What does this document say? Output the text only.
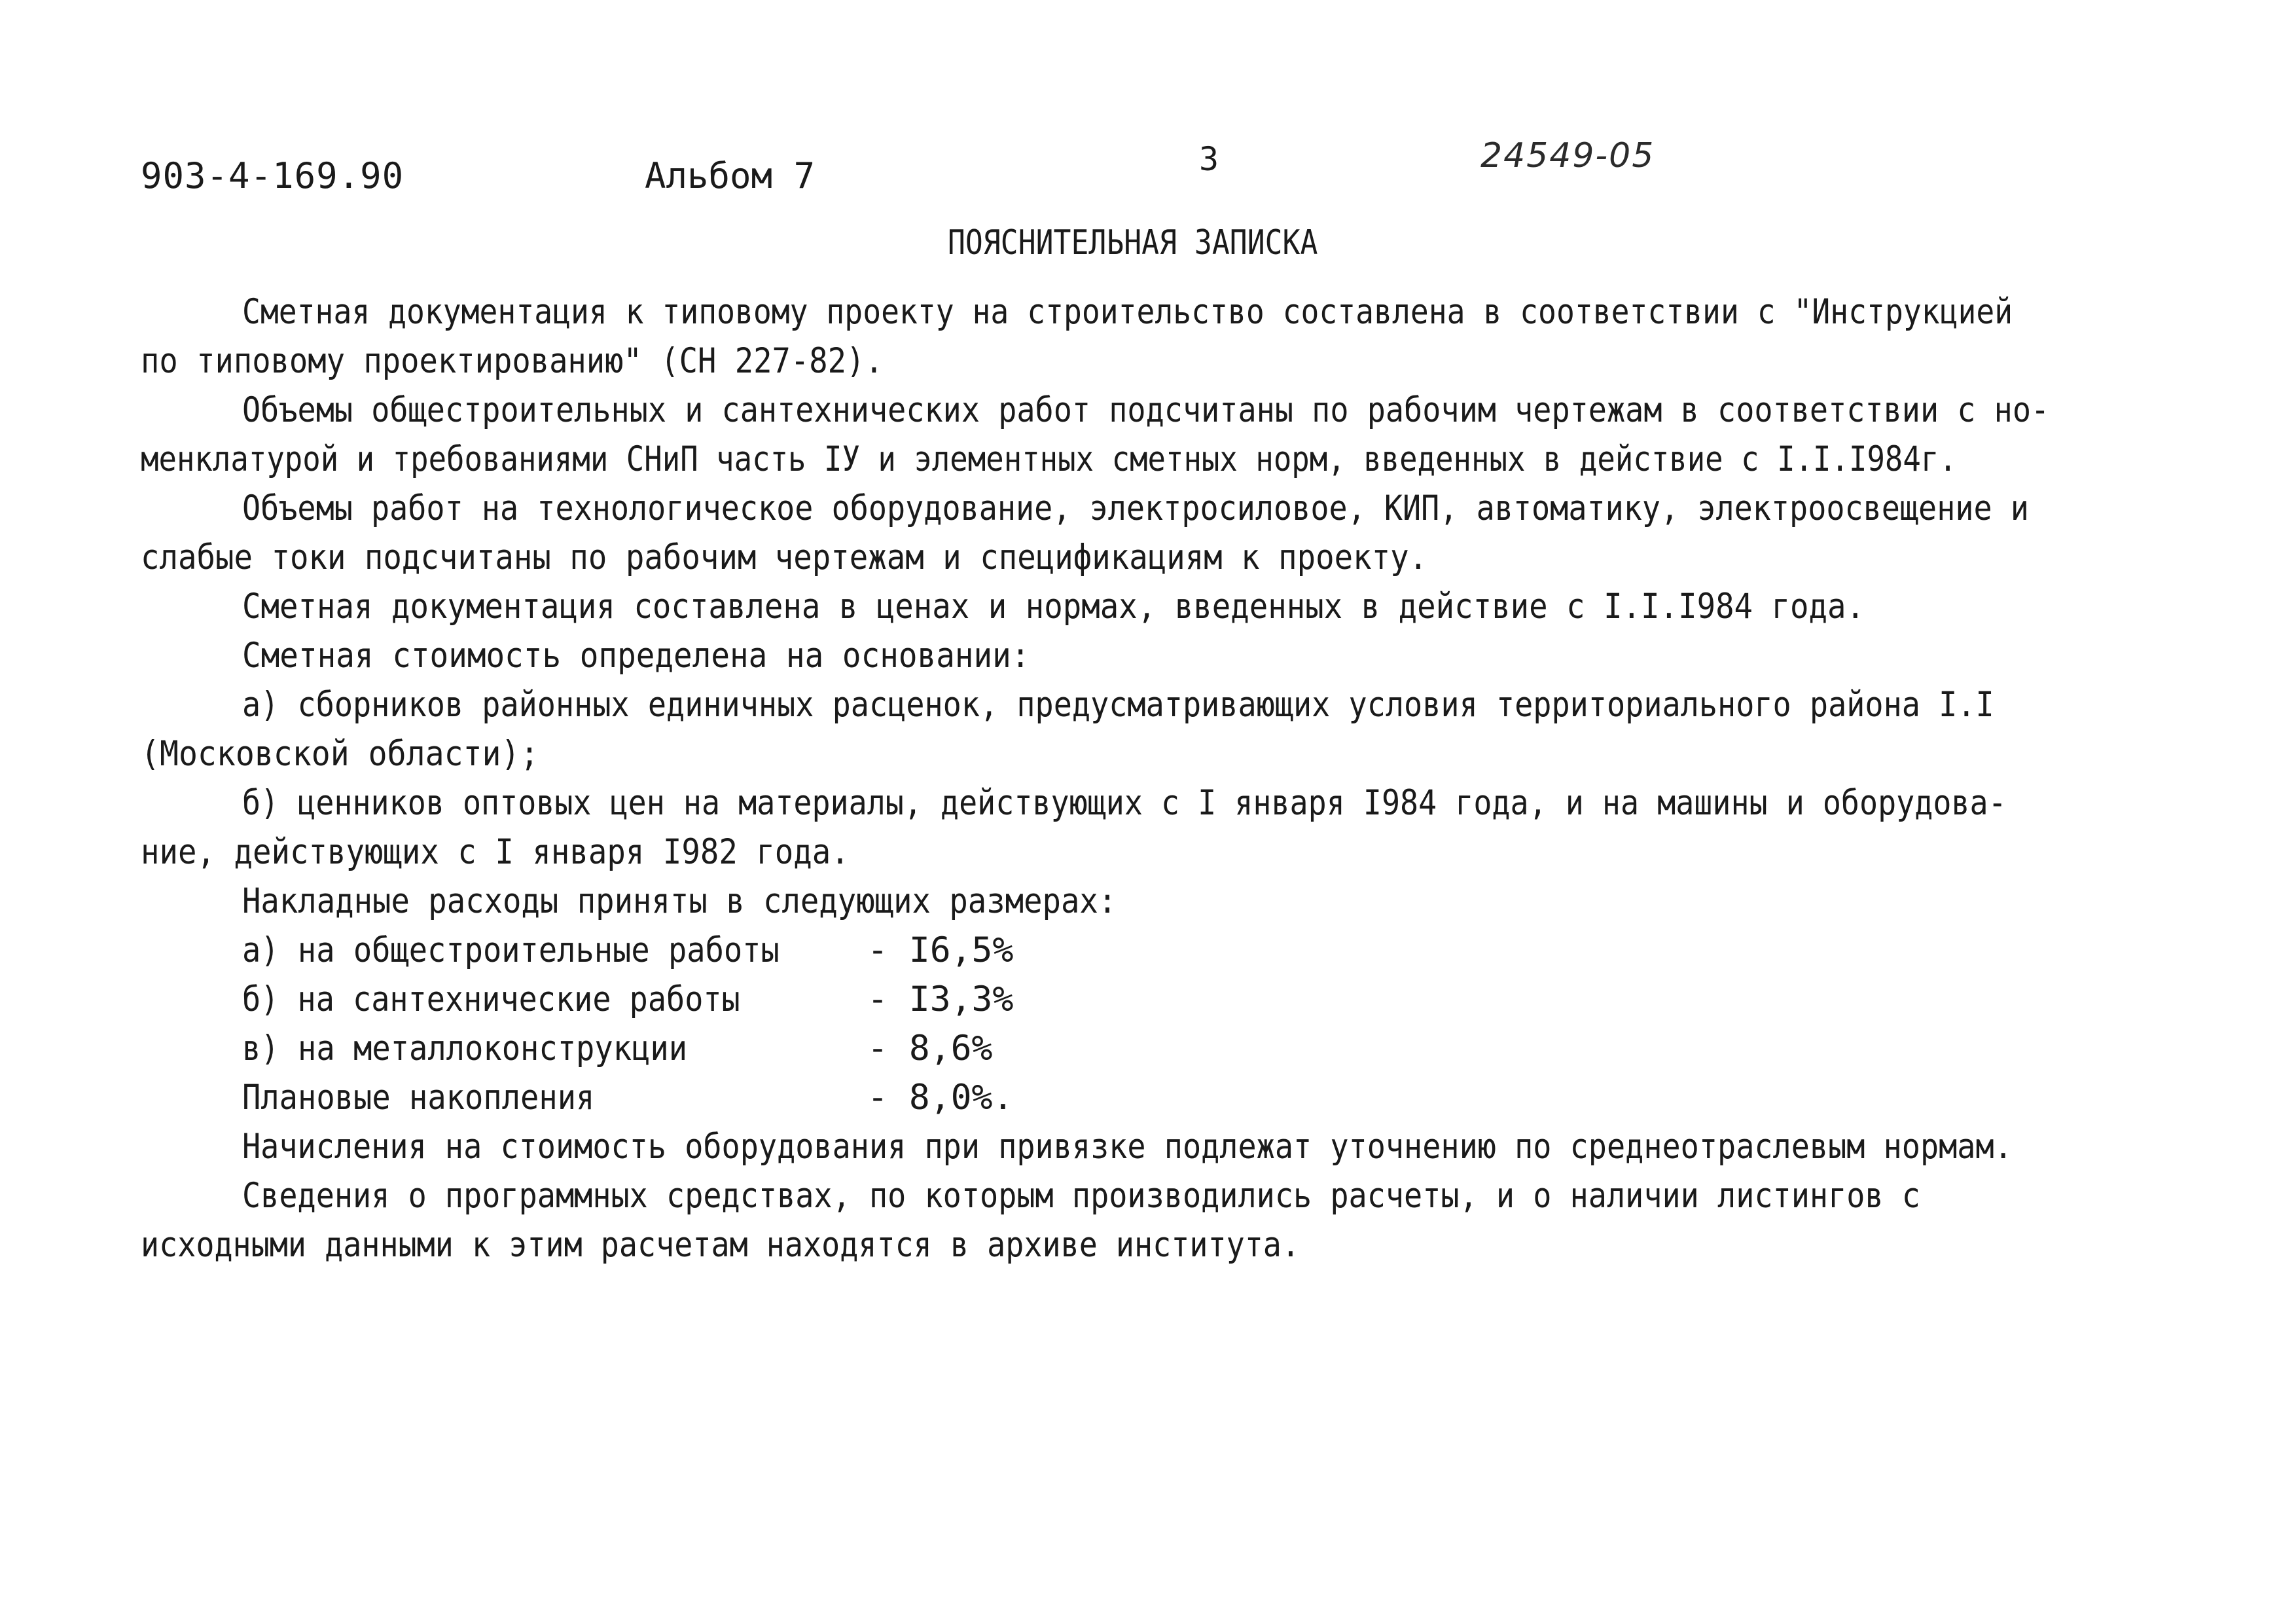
903-4-169.90	Альбом 7	3	24549-05
ПОЯСНИТЕЛЬНАЯ ЗАПИСКА
Сметная документация к типовому проекту на строительство составлена в соответствии с "Инструкцией
по типовому проектированию" (СН 227-82).
Объемы общестроительных и сантехнических работ подсчитаны по рабочим чертежам в соответствии с но-
менклатурой и требованиями СНиП часть IУ и элементных сметных норм, введенных в действие с I.I.I984г.
Объемы работ на технологическое оборудование, электросиловое, КИП, автоматику, электроосвещение и
слабые токи подсчитаны по рабочим чертежам и спецификациям к проекту.
Сметная документация составлена в ценах и нормах, введенных в действие с I.I.I984 года.
Сметная стоимость определена на основании:
а) сборников районных единичных расценок, предусматривающих условия территориального района I.I
(Московской области);
б) ценников оптовых цен на материалы, действующих с I января I984 года, и на машины и оборудова-
ние, действующих с I января I982 года.
Накладные расходы приняты в следующих размерах:
а) на общестроительные работы	- I6,5%
б) на сантехнические работы	- I3,3%
в) на металлоконструкции	- 8,6%
Плановые накопления	- 8,0%.
Начисления на стоимость оборудования при привязке подлежат уточнению по среднеотраслевым нормам.
Сведения о программных средствах, по которым производились расчеты, и о наличии листингов с
исходными данными к этим расчетам находятся в архиве института.
